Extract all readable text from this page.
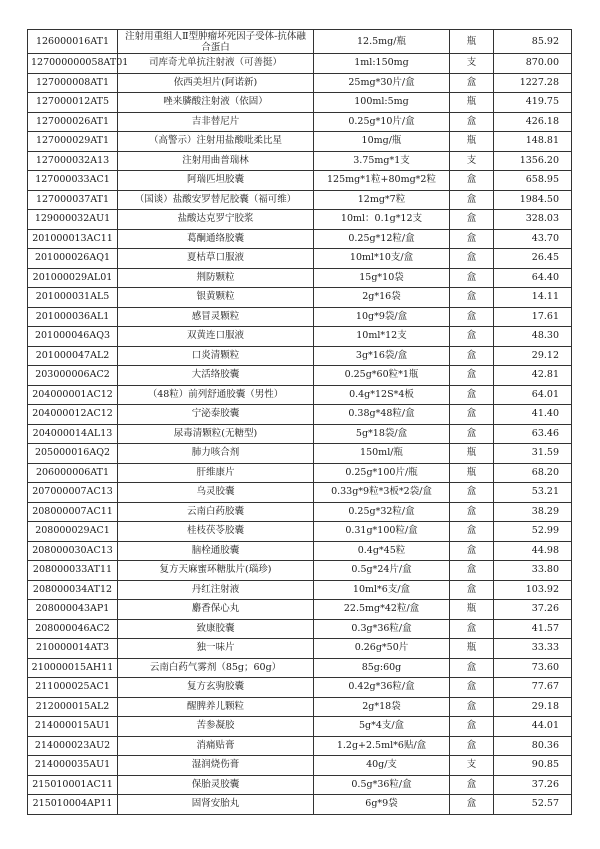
126000016AT1	注射用重组人Ⅱ型肿瘤坏死因子受体-抗体融合蛋白	12.5mg/瓶	瓶	85.92
127000000058AT01	司库奇尤单抗注射液（可善挺）	1ml:150mg	支	870.00
127000008AT1	依西美坦片(阿诺新)	25mg*30片/盒	盒	1227.28
127000012AT5	唑来膦酸注射液（依固）	100ml:5mg	瓶	419.75
127000026AT1	吉非替尼片	0.25g*10片/盒	盒	426.18
127000029AT1	（高警示）注射用盐酸吡柔比星	10mg/瓶	瓶	148.81
127000032A13	注射用曲普瑞林	3.75mg*1支	支	1356.20
127000033AC1	阿瑞匹坦胶囊	125mg*1粒+80mg*2粒	盒	658.95
127000037AT1	（国谈）盐酸安罗替尼胶囊（福可维）	12mg*7粒	盒	1984.50
129000032AU1	盐酸达克罗宁胶浆	10ml：0.1g*12支	盒	328.03
201000013AC11	葛酮通络胶囊	0.25g*12粒/盒	盒	43.70
201000026AQ1	夏枯草口服液	10ml*10支/盒	盒	26.45
201000029AL01	荆防颗粒	15g*10袋	盒	64.40
201000031AL5	银黄颗粒	2g*16袋	盒	14.11
201000036AL1	感冒灵颗粒	10g*9袋/盒	盒	17.61
201000046AQ3	双黄连口服液	10ml*12支	盒	48.30
201000047AL2	口炎清颗粒	3g*16袋/盒	盒	29.12
203000006AC2	大活络胶囊	0.25g*60粒*1瓶	盒	42.81
204000001AC12	（48粒）前列舒通胶囊（男性）	0.4g*12S*4板	盒	64.01
204000012AC12	宁泌泰胶囊	0.38g*48粒/盒	盒	41.40
204000014AL13	尿毒清颗粒(无糖型)	5g*18袋/盒	盒	63.46
205000016AQ2	肺力咳合剂	150ml/瓶	瓶	31.59
206000006AT1	肝维康片	0.25g*100片/瓶	瓶	68.20
207000007AC13	乌灵胶囊	0.33g*9粒*3板*2袋/盒	盒	53.21
208000007AC11	云南白药胶囊	0.25g*32粒/盒	盒	38.29
208000029AC1	桂枝茯苓胶囊	0.31g*100粒/盒	盒	52.99
208000030AC13	脑栓通胶囊	0.4g*45粒	盒	44.98
208000033AT11	复方天麻蜜环糖肽片(瑙珍)	0.5g*24片/盒	盒	33.80
208000034AT12	丹红注射液	10ml*6支/盒	盒	103.92
208000043AP1	麝香保心丸	22.5mg*42粒/盒	瓶	37.26
208000046AC2	致康胶囊	0.3g*36粒/盒	盒	41.57
210000014AT3	独一味片	0.26g*50片	瓶	33.33
210000015AH11	云南白药气雾剂（85g；60g）	85g:60g	盒	73.60
211000025AC1	复方玄驹胶囊	0.42g*36粒/盒	盒	77.67
212000015AL2	醒脾养儿颗粒	2g*18袋	盒	29.18
214000015AU1	苦参凝胶	5g*4支/盒	盒	44.01
214000023AU2	消痛贴膏	1.2g+2.5ml*6贴/盒	盒	80.36
214000035AU1	湿润烧伤膏	40g/支	支	90.85
215010001AC11	保胎灵胶囊	0.5g*36粒/盒	盒	37.26
215010004AP11	固肾安胎丸	6g*9袋	盒	52.57
